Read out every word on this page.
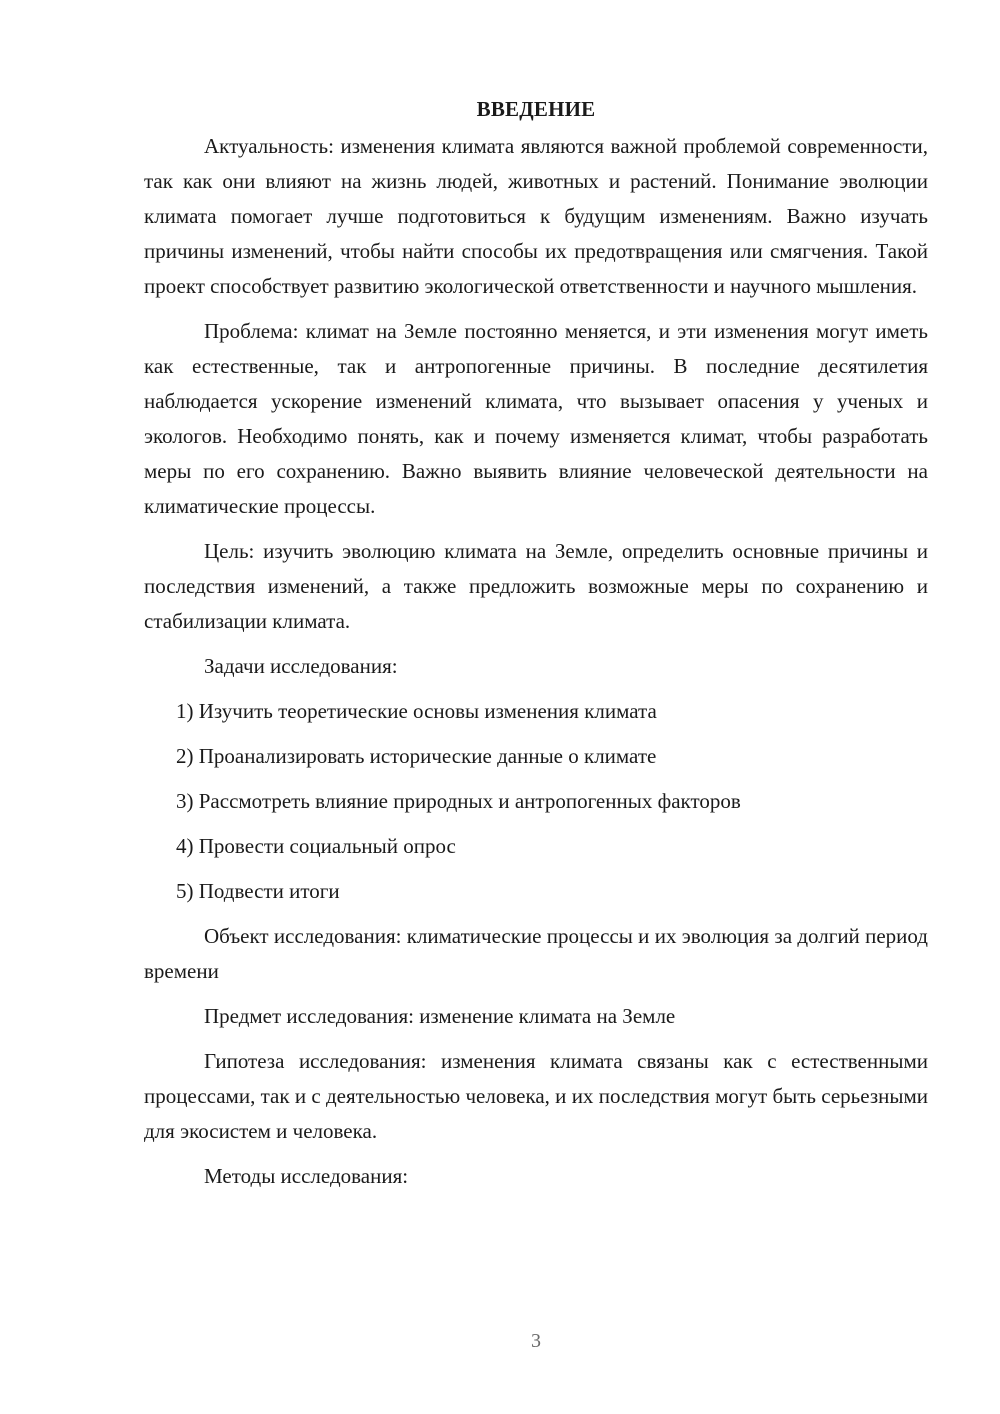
ВВЕДЕНИЕ

Актуальность: изменения климата являются важной проблемой современности, так как они влияют на жизнь людей, животных и растений. Понимание эволюции климата помогает лучше подготовиться к будущим изменениям. Важно изучать причины изменений, чтобы найти способы их предотвращения или смягчения. Такой проект способствует развитию экологической ответственности и научного мышления.

Проблема: климат на Земле постоянно меняется, и эти изменения могут иметь как естественные, так и антропогенные причины. В последние десятилетия наблюдается ускорение изменений климата, что вызывает опасения у ученых и экологов. Необходимо понять, как и почему изменяется климат, чтобы разработать меры по его сохранению. Важно выявить влияние человеческой деятельности на климатические процессы.

Цель: изучить эволюцию климата на Земле, определить основные причины и последствия изменений, а также предложить возможные меры по сохранению и стабилизации климата.

Задачи исследования:

1) Изучить теоретические основы изменения климата
2) Проанализировать исторические данные о климате
3) Рассмотреть влияние природных и антропогенных факторов
4) Провести социальный опрос
5) Подвести итоги

Объект исследования: климатические процессы и их эволюция за долгий период времени

Предмет исследования: изменение климата на Земле

Гипотеза исследования: изменения климата связаны как с естественными процессами, так и с деятельностью человека, и их последствия могут быть серьезными для экосистем и человека.

Методы исследования:

3
